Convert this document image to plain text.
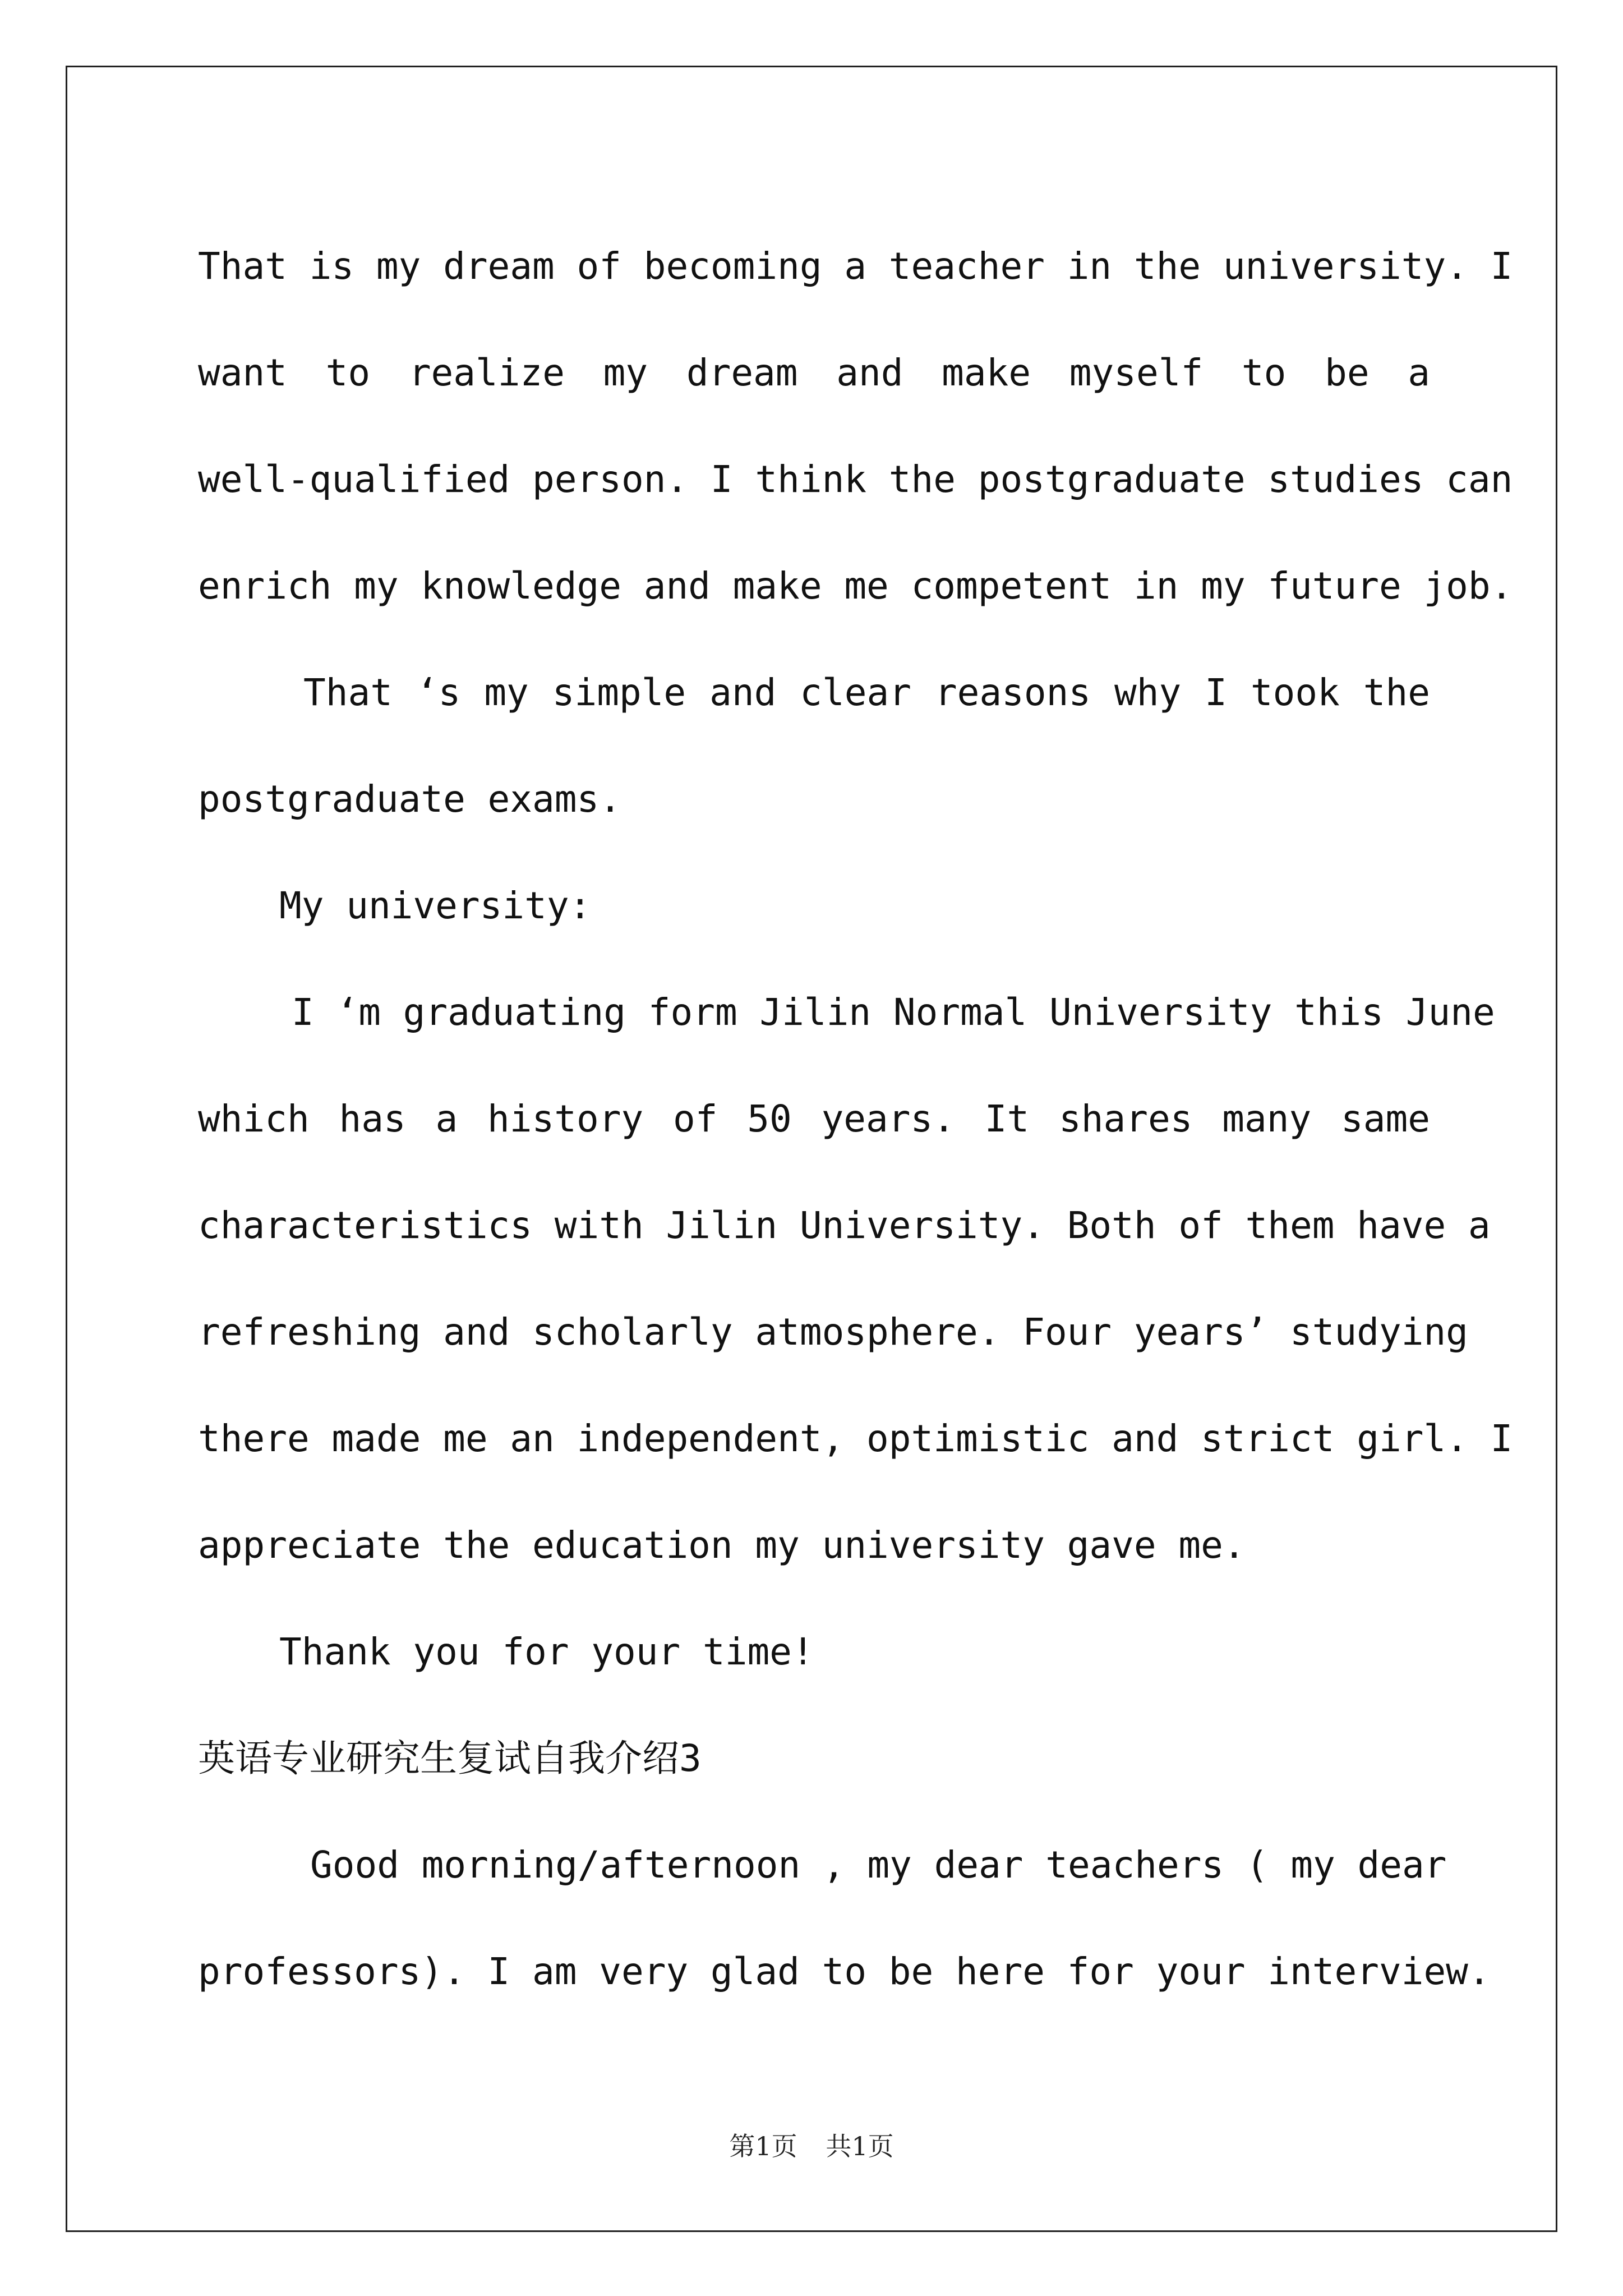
That is my dream of becoming a teacher in the university. I
want to realize my dream and make myself to be a
well-qualified person. I think the postgraduate studies can
enrich my knowledge and make me competent in my future job.
That ‘s my simple and clear reasons why I took the
postgraduate exams.
My university:
I ‘m graduating form Jilin Normal University this June
which has a history of 50 years. It shares many same
characteristics with Jilin University. Both of them have a
refreshing and scholarly atmosphere. Four years’ studying
there made me an independent, optimistic and strict girl. I
appreciate the education my university gave me.
Thank you for your time!
英语专业研究生复试自我介绍3
Good morning/afternoon , my dear teachers ( my dear
professors). I am very glad to be here for your interview.
第1页 共1页
